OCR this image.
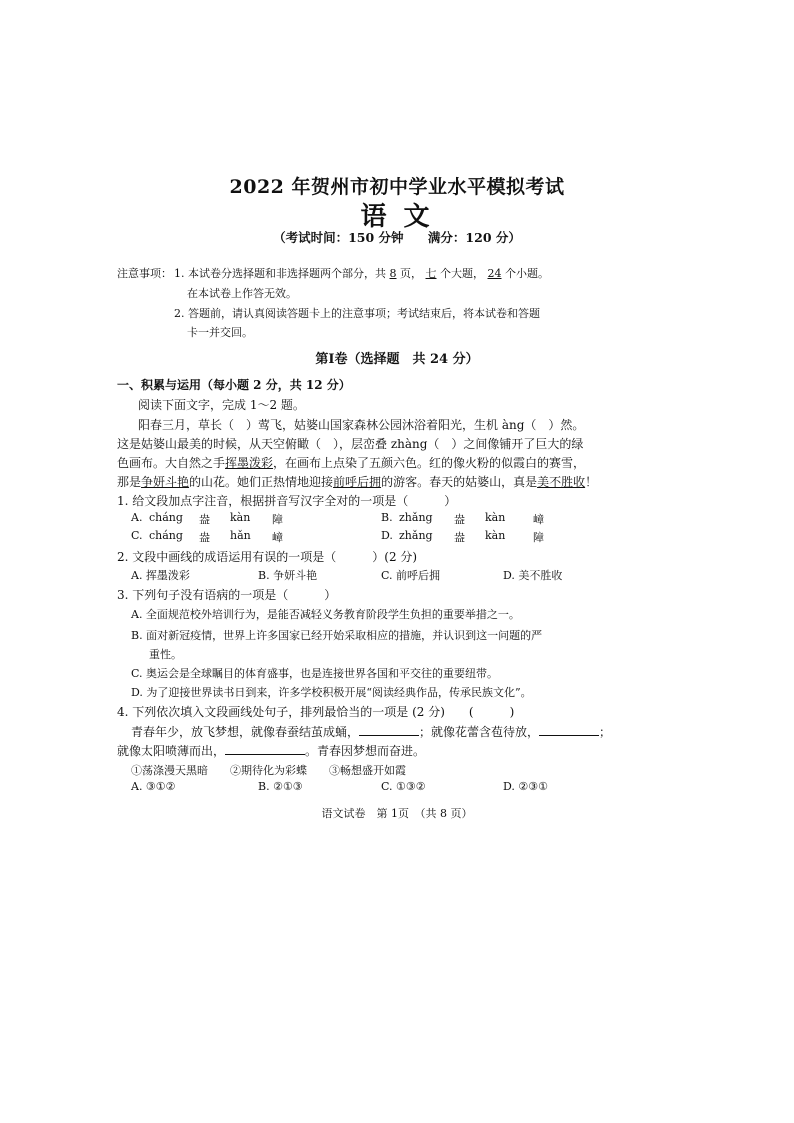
2022 年贺州市初中学业水平模拟考试
语 文
（考试时间：150 分钟 满分：120 分）
注意事项： 1. 本试卷分选择题和非选择题两个部分，共 8 页， 七 个大题， 24 个小题。
在本试卷上作答无效。
2. 答题前，请认真阅读答题卡上的注意事项；考试结束后，将本试卷和答题
卡一并交回。
第Ⅰ卷（选择题　共 24 分）
一、积累与运用（每小题 2 分，共 12 分）
阅读下面文字，完成 1～2 题。
阳春三月，草长（　）莺飞，姑婆山国家森林公园沐浴着阳光，生机 àng（　）然。
这是姑婆山最美的时候，从天空俯瞰（　），层峦叠 zhàng（　）之间像铺开了巨大的绿
色画布。大自然之手挥墨泼彩，在画布上点染了五颜六色。红的像火粉的似霞白的赛雪，
那是争妍斗艳的山花。她们正热情地迎接前呼后拥的游客。春天的姑婆山，真是美不胜收！
1. 给文段加点字注音，根据拼音写汉字全对的一项是（　　　）
A. cháng 盎 kàn 障	B. zhǎng 盎 kàn	嶂
C. cháng 盎 hǎn 嶂	D. zhǎng 盎 kàn	障
2. 文段中画线的成语运用有误的一项是（　　　）(2 分)
A. 挥墨泼彩	B. 争妍斗艳	C. 前呼后拥	D. 美不胜收
3. 下列句子没有语病的一项是（　　　）
A. 全面规范校外培训行为，是能否减轻义务教育阶段学生负担的重要举措之一。
B. 面对新冠疫情，世界上许多国家已经开始采取相应的措施，并认识到这一问题的严
重性。
C. 奥运会是全球瞩目的体育盛事，也是连接世界各国和平交往的重要纽带。
D. 为了迎接世界读书日到来，许多学校积极开展“阅读经典作品，传承民族文化”。
4. 下列依次填入文段画线处句子，排列最恰当的一项是 (2 分)　　(　　　)
青春年少，放飞梦想，就像春蚕结茧成蛹，	；就像花蕾含苞待放，	；
就像太阳喷薄而出，	。青春因梦想而奋进。
①荡涤漫天黑暗　　②期待化为彩蝶　　③畅想盛开如霞
A. ③①②	B. ②①③	C. ①③②	D. ②③①
语文试卷　第 1页　（共 8 页）
